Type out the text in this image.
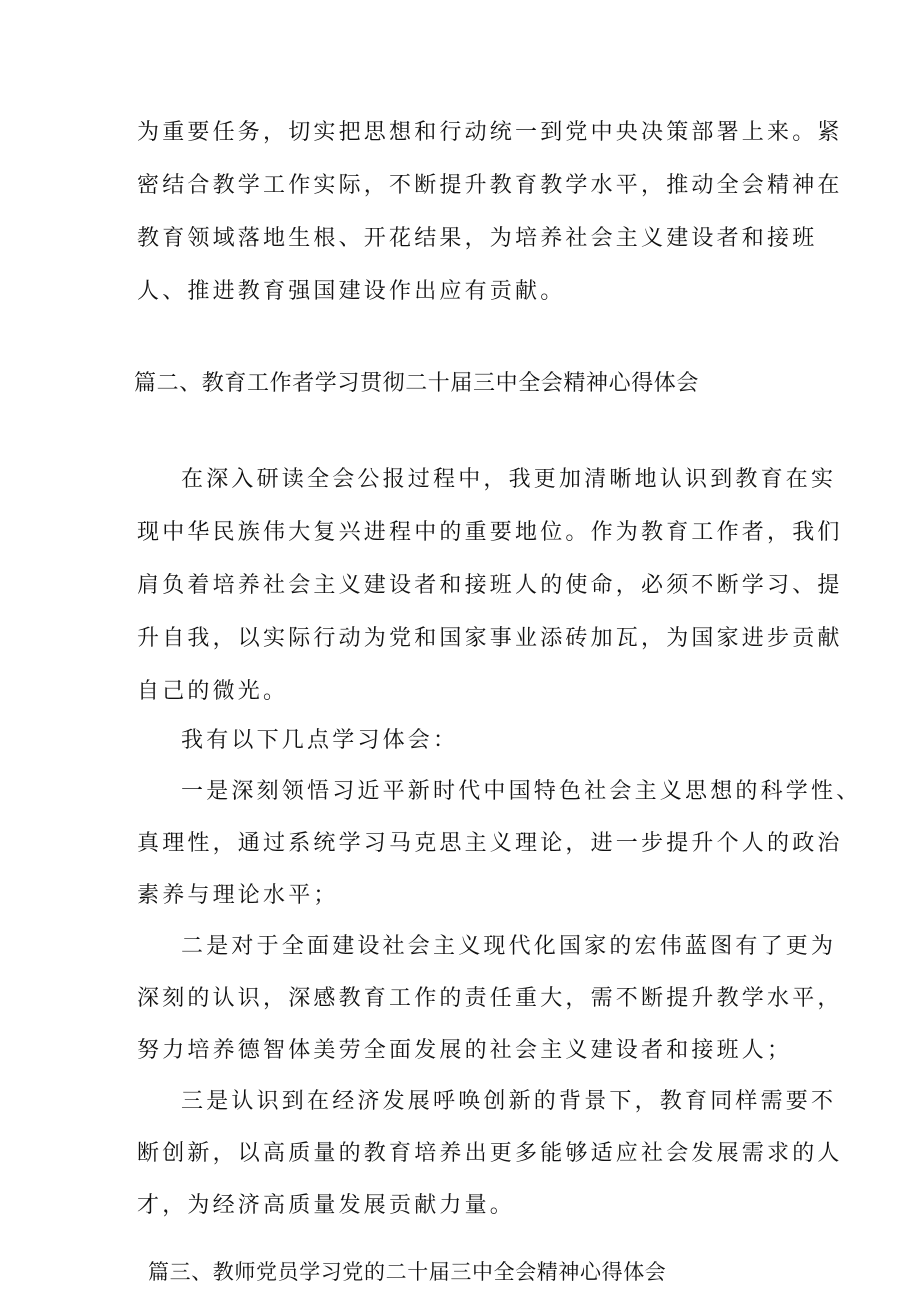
为重要任务，切实把思想和行动统一到党中央决策部署上来。紧
密结合教学工作实际，不断提升教育教学水平，推动全会精神在
教育领域落地生根、开花结果，为培养社会主义建设者和接班
人、推进教育强国建设作出应有贡献。
篇二、教育工作者学习贯彻二十届三中全会精神心得体会
在深入研读全会公报过程中，我更加清晰地认识到教育在实
现中华民族伟大复兴进程中的重要地位。作为教育工作者，我们
肩负着培养社会主义建设者和接班人的使命，必须不断学习、提
升自我，以实际行动为党和国家事业添砖加瓦，为国家进步贡献
自己的微光。
我有以下几点学习体会：
一是深刻领悟习近平新时代中国特色社会主义思想的科学性、
真理性，通过系统学习马克思主义理论，进一步提升个人的政治
素养与理论水平；
二是对于全面建设社会主义现代化国家的宏伟蓝图有了更为
深刻的认识，深感教育工作的责任重大，需不断提升教学水平，
努力培养德智体美劳全面发展的社会主义建设者和接班人；
三是认识到在经济发展呼唤创新的背景下，教育同样需要不
断创新，以高质量的教育培养出更多能够适应社会发展需求的人
才，为经济高质量发展贡献力量。
篇三、教师党员学习党的二十届三中全会精神心得体会
